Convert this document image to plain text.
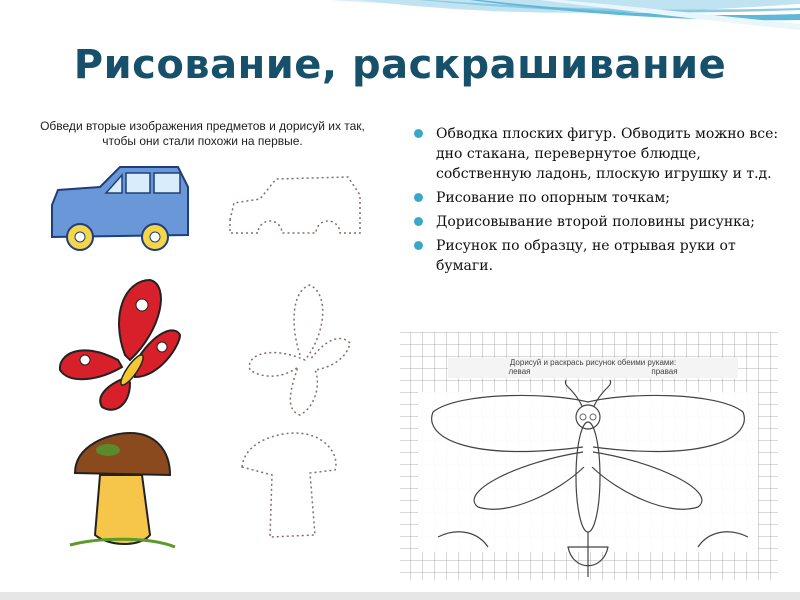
Рисование, раскрашивание
Обведи вторые изображения предметов и дорисуй их так,
чтобы они стали похожи на первые.	Обводка плоских фигур. Обводить можно все: дно стакана, перевернутое блюдце, собственную ладонь, плоскую игрушку и т.д.
Рисование по опорным точкам;
Дорисовывание второй половины рисунка;
Рисунок по образцу, не отрывая руки от бумаги.
Дорисуй и раскрась рисунок обеими руками:
левая	правая
